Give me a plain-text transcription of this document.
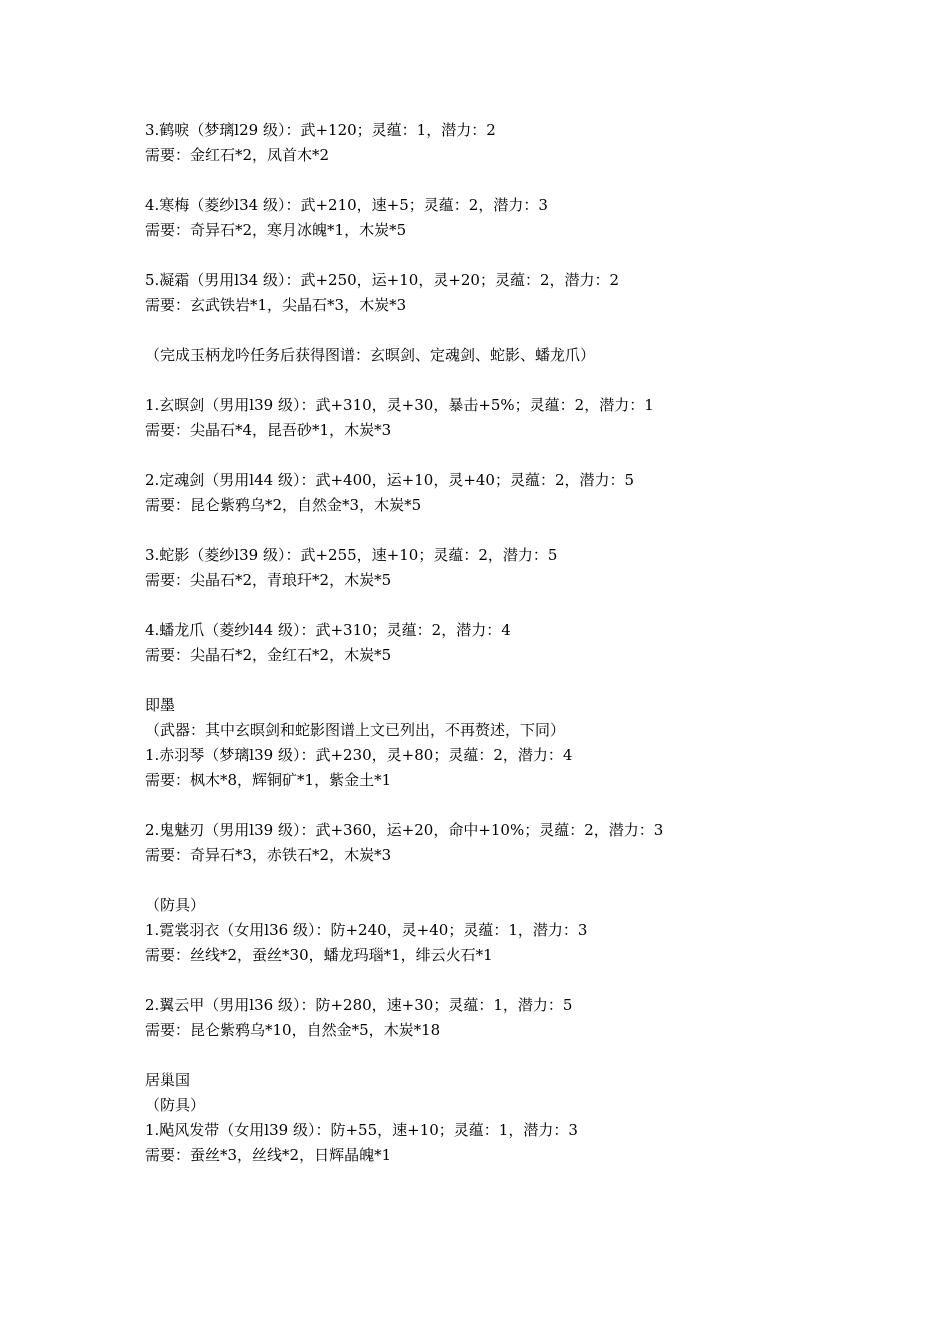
3.鹤唳（梦璃l29 级）：武+120；灵蕴：1，潜力：2
需要：金红石*2，凤首木*2
4.寒梅（菱纱l34 级）：武+210，速+5；灵蕴：2，潜力：3
需要：奇异石*2，寒月冰魄*1，木炭*5
5.凝霜（男用l34 级）：武+250，运+10，灵+20；灵蕴：2，潜力：2
需要：玄武铁岩*1，尖晶石*3，木炭*3
（完成玉柄龙吟任务后获得图谱：玄暝剑、定魂剑、蛇影、蟠龙爪）
1.玄暝剑（男用l39 级）：武+310，灵+30，暴击+5%；灵蕴：2，潜力：1
需要：尖晶石*4，昆吾砂*1，木炭*3
2.定魂剑（男用l44 级）：武+400，运+10，灵+40；灵蕴：2，潜力：5
需要：昆仑紫鸦乌*2，自然金*3，木炭*5
3.蛇影（菱纱l39 级）：武+255，速+10；灵蕴：2，潜力：5
需要：尖晶石*2，青琅玕*2，木炭*5
4.蟠龙爪（菱纱l44 级）：武+310；灵蕴：2，潜力：4
需要：尖晶石*2，金红石*2，木炭*5
即墨
（武器：其中玄暝剑和蛇影图谱上文已列出，不再赘述，下同）
1.赤羽琴（梦璃l39 级）：武+230，灵+80；灵蕴：2，潜力：4
需要：枫木*8，辉铜矿*1，紫金土*1
2.鬼魅刃（男用l39 级）：武+360，运+20，命中+10%；灵蕴：2，潜力：3
需要：奇异石*3，赤铁石*2，木炭*3
（防具）
1.霓裳羽衣（女用l36 级）：防+240，灵+40；灵蕴：1，潜力：3
需要：丝线*2，蚕丝*30，蟠龙玛瑙*1，绯云火石*1
2.翼云甲（男用l36 级）：防+280，速+30；灵蕴：1，潜力：5
需要：昆仑紫鸦乌*10，自然金*5，木炭*18
居巢国
（防具）
1.飐风发带（女用l39 级）：防+55，速+10；灵蕴：1，潜力：3
需要：蚕丝*3，丝线*2，日辉晶魄*1
